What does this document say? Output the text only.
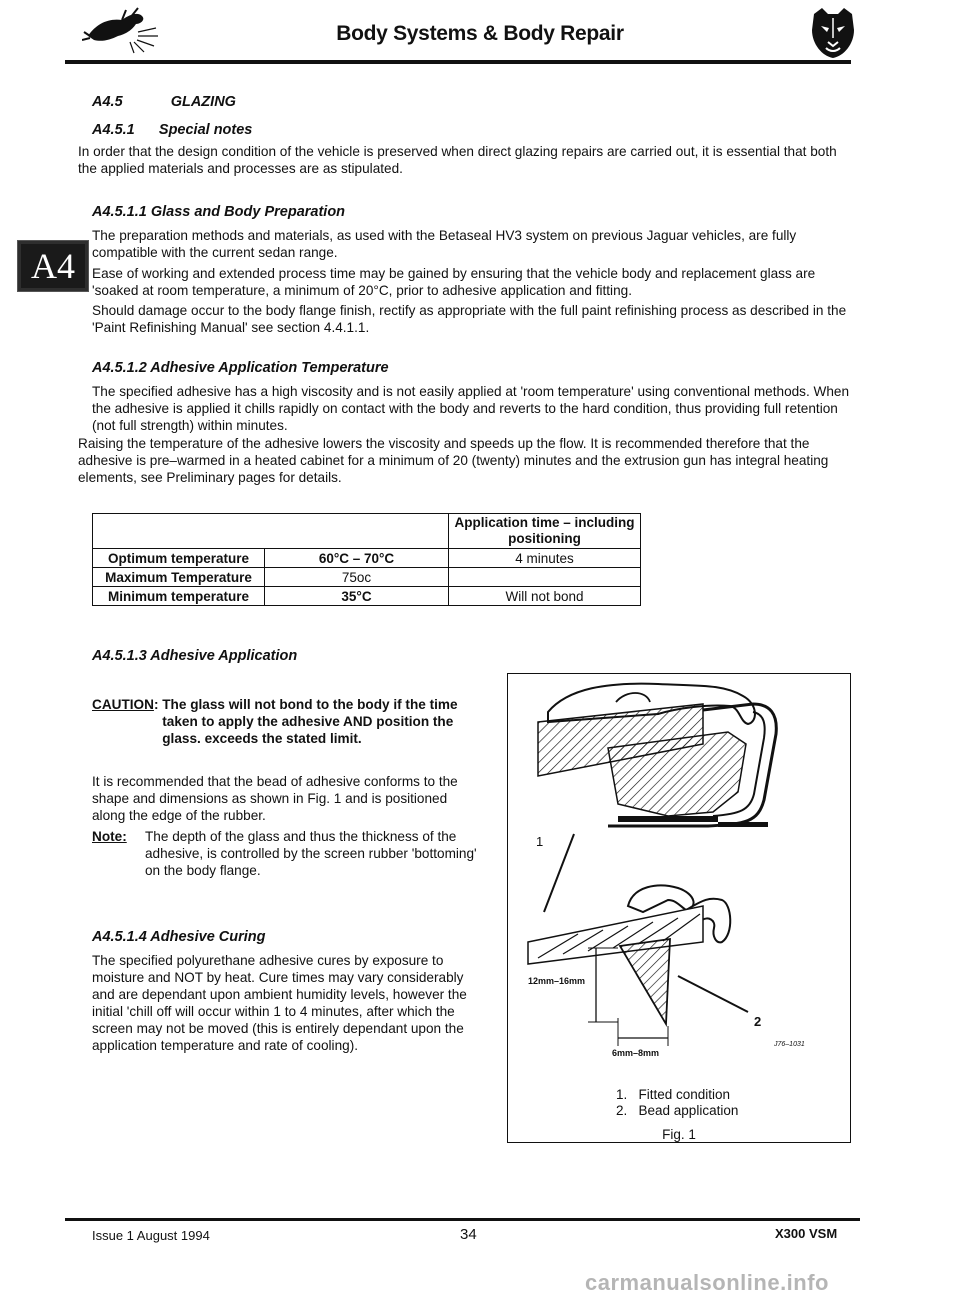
Body Systems & Body Repair
A4
A4.5	GLAZING
A4.5.1      Special notes
In order that the design condition of the vehicle is preserved when direct glazing repairs are carried out, it is essential that both the applied materials and processes are as stipulated.
A4.5.1.1 Glass and Body Preparation
The preparation methods and materials, as used with the Betaseal HV3 system on previous Jaguar vehicles, are fully compatible with the current sedan range.
Ease of working and extended process time may be gained by ensuring that the vehicle body and replacement glass are 'soaked at room temperature, a minimum of 20°C, prior to adhesive application and fitting.
Should damage occur to the body flange finish, rectify as appropriate with the full paint refinishing process as described in the 'Paint Refinishing Manual' see section 4.4.1.1.
A4.5.1.2 Adhesive Application Temperature
The specified adhesive has a high viscosity and is not easily applied at 'room temperature' using conventional methods. When the adhesive is applied it chills rapidly on contact with the body and reverts to the hard condition, thus providing full retention (not full strength) within minutes.
Raising the temperature of the adhesive lowers the viscosity and speeds up the flow. It is recommended therefore that the adhesive is pre–warmed in a heated cabinet for a minimum of 20 (twenty) minutes and the extrusion gun has integral heating elements, see Preliminary pages for details.
		Application time – including positioning
Optimum temperature	60°C – 70°C	4 minutes
Maximum Temperature	75oc	
Minimum temperature	35°C	Will not bond
A4.5.1.3 Adhesive Application
CAUTION: The glass will not bond to the body if the time taken to apply the adhesive AND position the glass. exceeds the stated limit.
It is recommended that the bead of adhesive conforms to the shape and dimensions as shown in Fig. 1 and is positioned along the edge of the rubber.
Note:	The depth of the glass and thus the thickness of the adhesive, is controlled by the screen rubber 'bottoming' on the body flange.
A4.5.1.4 Adhesive Curing
The specified polyurethane adhesive cures by exposure to moisture and NOT by heat. Cure times may vary considerably and are dependant upon ambient humidity levels, however the initial 'chill off will occur within 1 to 4 minutes, after which the screen may not be moved (this is entirely dependant upon the application temperature and rate of cooling).
1
2
12mm–16mm
6mm–8mm
J76–1031
1.   Fitted condition
2.   Bead application
Fig. 1
Issue 1 August 1994	34	X300 VSM
carmanualsonline.info
